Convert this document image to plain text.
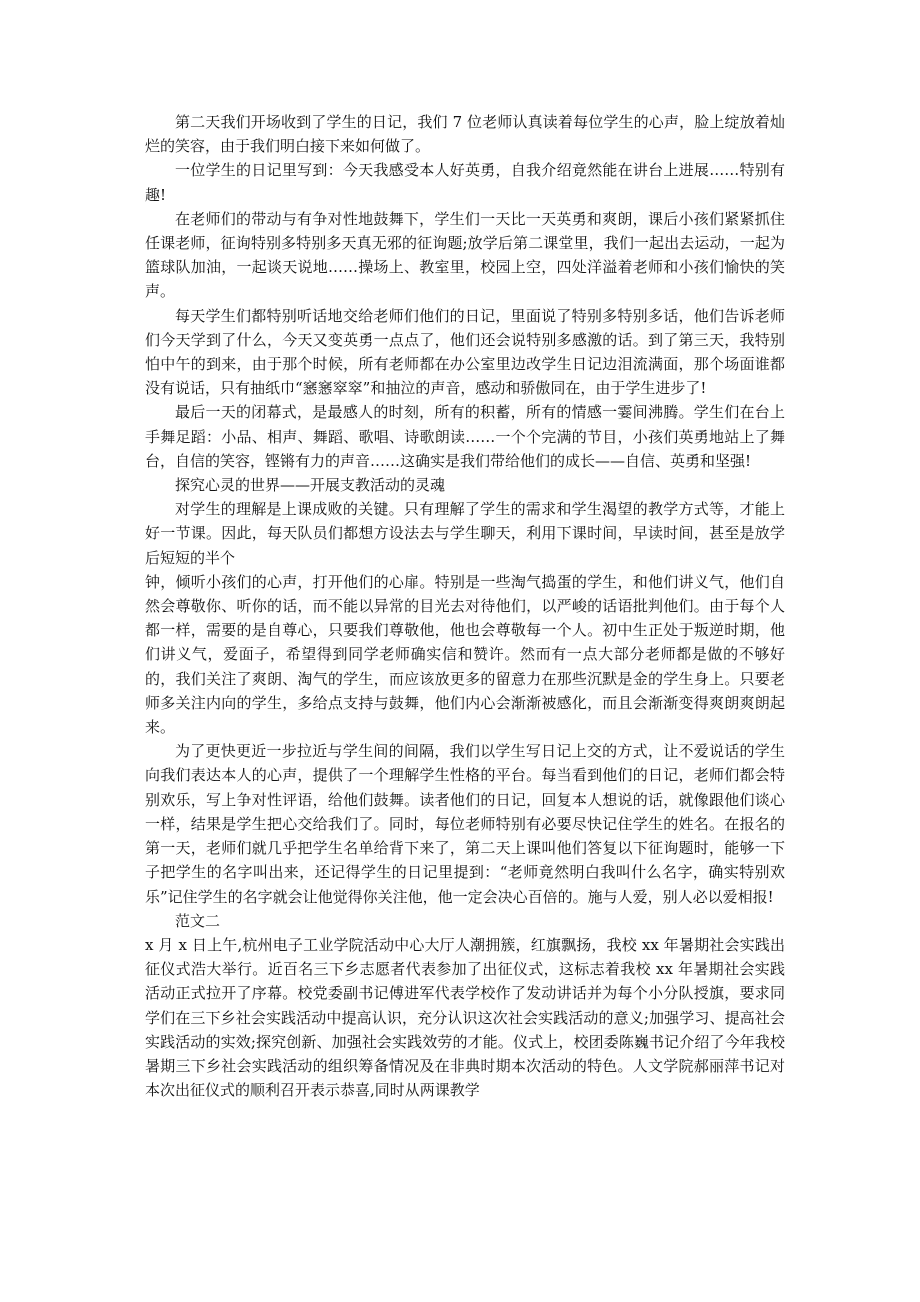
第二天我们开场收到了学生的日记，我们 7 位老师认真读着每位学生的心声，脸上绽放着灿烂的笑容，由于我们明白接下来如何做了。

一位学生的日记里写到：今天我感受本人好英勇，自我介绍竟然能在讲台上进展……特别有趣!

在老师们的带动与有争对性地鼓舞下，学生们一天比一天英勇和爽朗，课后小孩们紧紧抓住任课老师，征询特别多特别多天真无邪的征询题;放学后第二课堂里，我们一起出去运动，一起为篮球队加油，一起谈天说地……操场上、教室里，校园上空，四处洋溢着老师和小孩们愉快的笑声。

每天学生们都特别听话地交给老师们他们的日记，里面说了特别多特别多话，他们告诉老师们今天学到了什么，今天又变英勇一点点了，他们还会说特别多感激的话。到了第三天，我特别怕中午的到来，由于那个时候，所有老师都在办公室里边改学生日记边泪流满面，那个场面谁都没有说话，只有抽纸巾“窸窸窣窣”和抽泣的声音，感动和骄傲同在，由于学生进步了!

最后一天的闭幕式，是最感人的时刻，所有的积蓄，所有的情感一霎间沸腾。学生们在台上手舞足蹈：小品、相声、舞蹈、歌唱、诗歌朗读……一个个完满的节目，小孩们英勇地站上了舞台，自信的笑容，铿锵有力的声音……这确实是我们带给他们的成长——自信、英勇和坚强!

探究心灵的世界——开展支教活动的灵魂

对学生的理解是上课成败的关键。只有理解了学生的需求和学生渴望的教学方式等，才能上好一节课。因此，每天队员们都想方设法去与学生聊天，利用下课时间，早读时间，甚至是放学后短短的半个

钟，倾听小孩们的心声，打开他们的心扉。特别是一些淘气捣蛋的学生，和他们讲义气，他们自然会尊敬你、听你的话，而不能以异常的目光去对待他们，以严峻的话语批判他们。由于每个人都一样，需要的是自尊心，只要我们尊敬他，他也会尊敬每一个人。初中生正处于叛逆时期，他们讲义气，爱面子，希望得到同学老师确实信和赞许。然而有一点大部分老师都是做的不够好的，我们关注了爽朗、淘气的学生，而应该放更多的留意力在那些沉默是金的学生身上。只要老师多关注内向的学生，多给点支持与鼓舞，他们内心会渐渐被感化，而且会渐渐变得爽朗爽朗起来。

为了更快更近一步拉近与学生间的间隔，我们以学生写日记上交的方式，让不爱说话的学生向我们表达本人的心声，提供了一个理解学生性格的平台。每当看到他们的日记，老师们都会特别欢乐，写上争对性评语，给他们鼓舞。读者他们的日记，回复本人想说的话，就像跟他们谈心一样，结果是学生把心交给我们了。同时，每位老师特别有必要尽快记住学生的姓名。在报名的第一天，老师们就几乎把学生名单给背下来了，第二天上课叫他们答复以下征询题时，能够一下子把学生的名字叫出来，还记得学生的日记里提到：“老师竟然明白我叫什么名字，确实特别欢乐”记住学生的名字就会让他觉得你关注他，他一定会决心百倍的。施与人爱，别人必以爱相报!

范文二

x 月 x 日上午,杭州电子工业学院活动中心大厅人潮拥簇，红旗飘扬，我校 xx 年暑期社会实践出征仪式浩大举行。近百名三下乡志愿者代表参加了出征仪式，这标志着我校 xx 年暑期社会实践活动正式拉开了序幕。校党委副书记傅进军代表学校作了发动讲话并为每个小分队授旗，要求同学们在三下乡社会实践活动中提高认识，充分认识这次社会实践活动的意义;加强学习、提高社会实践活动的实效;探究创新、加强社会实践效劳的才能。仪式上，校团委陈巍书记介绍了今年我校暑期三下乡社会实践活动的组织筹备情况及在非典时期本次活动的特色。人文学院郝丽萍书记对本次出征仪式的顺利召开表示恭喜,同时从两课教学
